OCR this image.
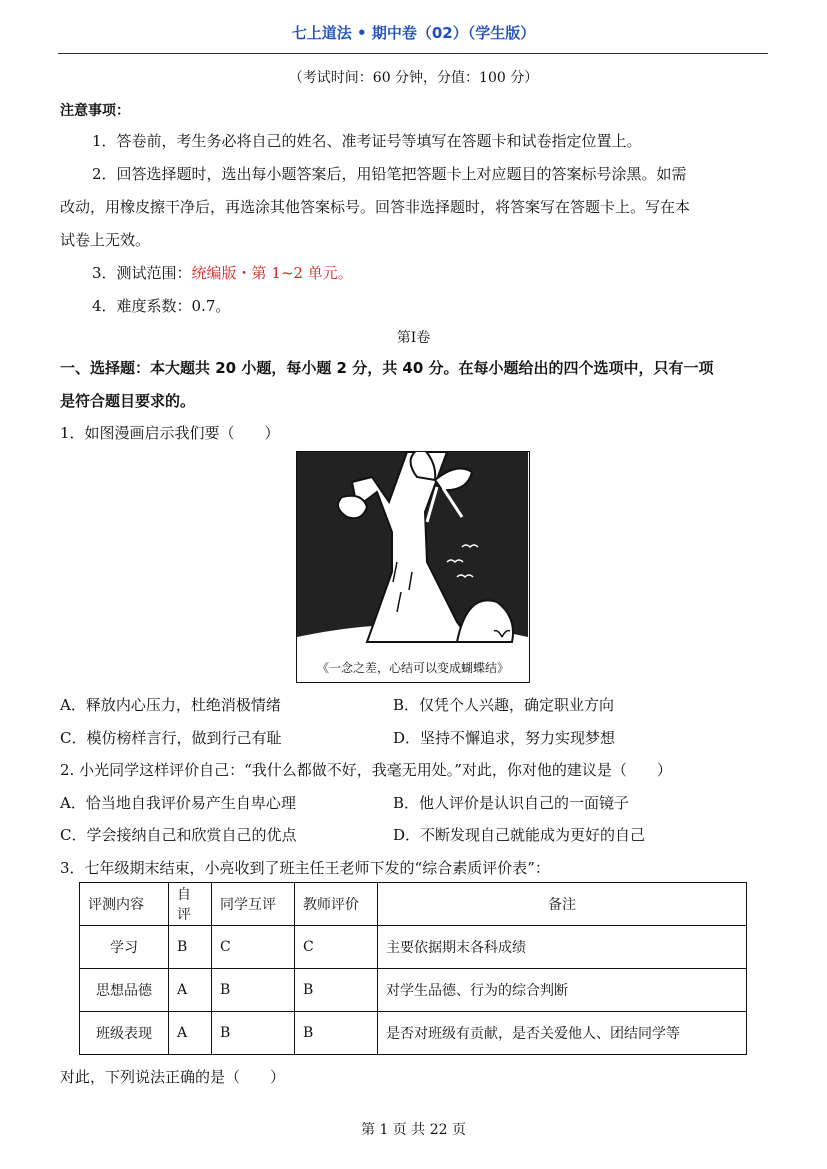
七上道法 • 期中卷（02）（学生版）
（考试时间：60 分钟，分值：100 分）
注意事项：
1．答卷前，考生务必将自己的姓名、准考证号等填写在答题卡和试卷指定位置上。
2．回答选择题时，选出每小题答案后，用铅笔把答题卡上对应题目的答案标号涂黑。如需
改动，用橡皮擦干净后，再选涂其他答案标号。回答非选择题时，将答案写在答题卡上。写在本
试卷上无效。
3．测试范围：统编版・第 1~2 单元。
4．难度系数：0.7。
第Ⅰ卷
一、选择题：本大题共 20 小题，每小题 2 分，共 40 分。在每小题给出的四个选项中，只有一项
是符合题目要求的。
1．如图漫画启示我们要（　　）
《一念之差，心结可以变成蝴蝶结》
A．释放内心压力，杜绝消极情绪	B．仅凭个人兴趣，确定职业方向
C．模仿榜样言行，做到行己有耻	D．坚持不懈追求，努力实现梦想
2. 小光同学这样评价自己：“我什么都做不好，我毫无用处。”对此，你对他的建议是（　　）
A．恰当地自我评价易产生自卑心理	B．他人评价是认识自己的一面镜子
C．学会接纳自己和欣赏自己的优点	D．不断发现自己就能成为更好的自己
3．七年级期末结束，小亮收到了班主任王老师下发的“综合素质评价表”：
评测内容	自评	同学互评	教师评价	备注
学习	B	C	C	主要依据期末各科成绩
思想品德	A	B	B	对学生品德、行为的综合判断
班级表现	A	B	B	是否对班级有贡献，是否关爱他人、团结同学等
对此，下列说法正确的是（　　）
第 1 页 共 22 页
